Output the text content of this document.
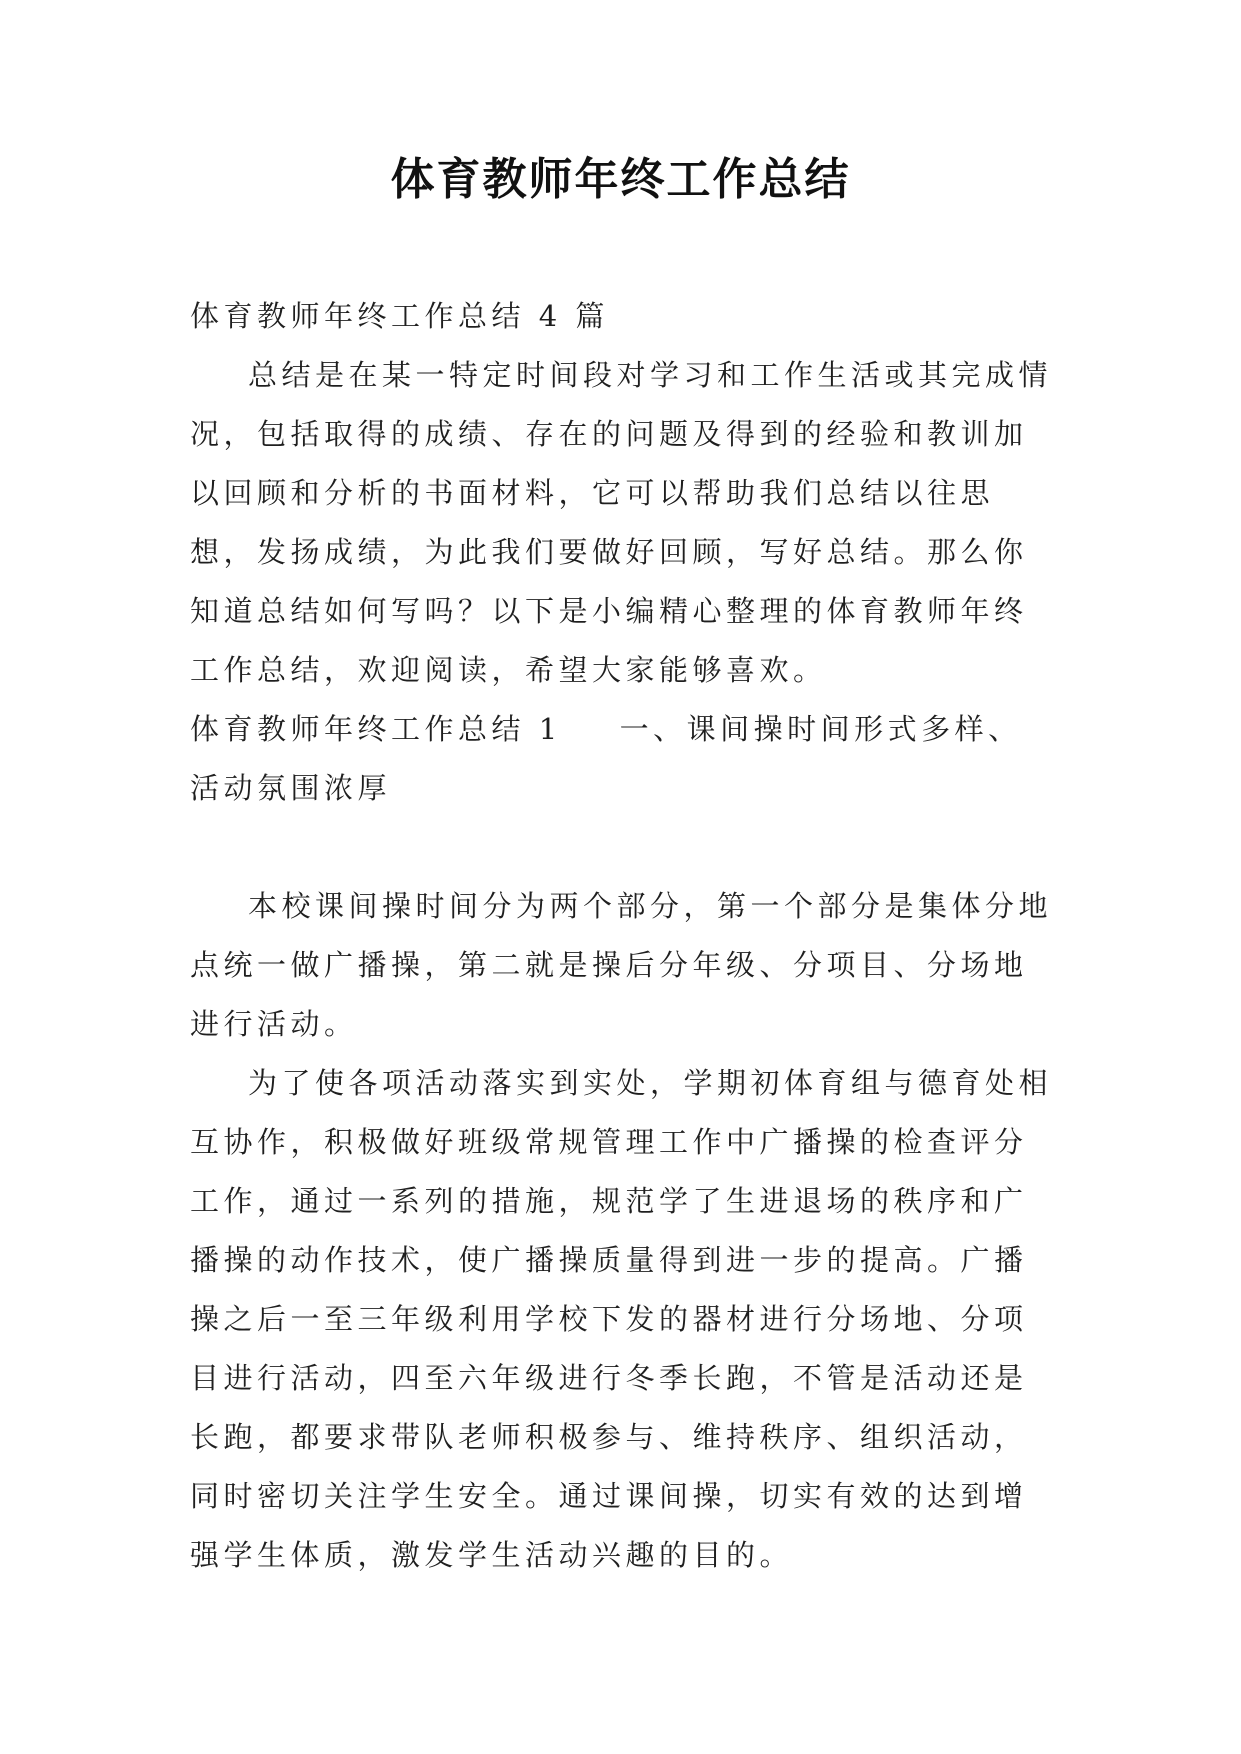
体育教师年终工作总结

体育教师年终工作总结 4 篇

总结是在某一特定时间段对学习和工作生活或其完成情况，包括取得的成绩、存在的问题及得到的经验和教训加以回顾和分析的书面材料，它可以帮助我们总结以往思想，发扬成绩，为此我们要做好回顾，写好总结。那么你知道总结如何写吗？以下是小编精心整理的体育教师年终工作总结，欢迎阅读，希望大家能够喜欢。

体育教师年终工作总结 1 一、课间操时间形式多样、活动氛围浓厚

本校课间操时间分为两个部分，第一个部分是集体分地点统一做广播操，第二就是操后分年级、分项目、分场地进行活动。

为了使各项活动落实到实处，学期初体育组与德育处相互协作，积极做好班级常规管理工作中广播操的检查评分工作，通过一系列的措施，规范学了生进退场的秩序和广播操的动作技术，使广播操质量得到进一步的提高。广播操之后一至三年级利用学校下发的器材进行分场地、分项目进行活动，四至六年级进行冬季长跑，不管是活动还是长跑，都要求带队老师积极参与、维持秩序、组织活动，同时密切关注学生安全。通过课间操，切实有效的达到增强学生体质，激发学生活动兴趣的目的。
